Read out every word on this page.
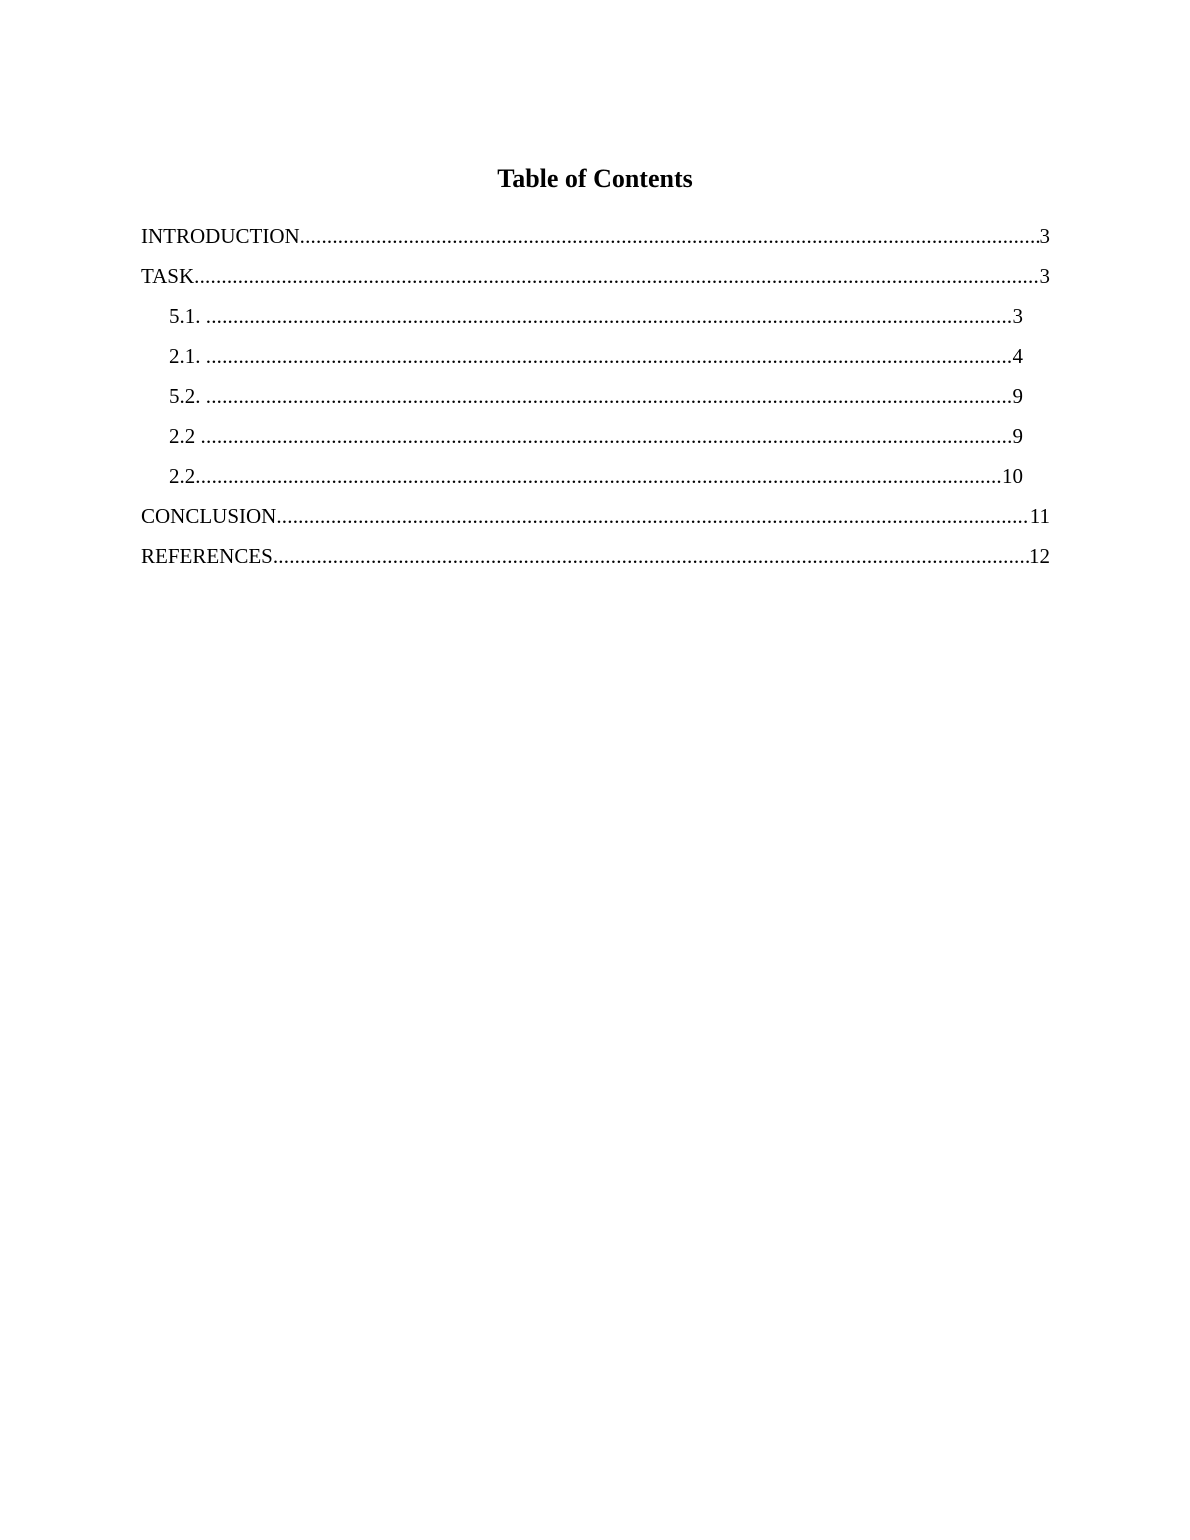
Table of Contents
INTRODUCTION .....	3
TASK .....	3
5.1. .....	3
2.1. .....	4
5.2. .....	9
2.2 .....	9
2.2 .....	10
CONCLUSION .....	11
REFERENCES .....	12
